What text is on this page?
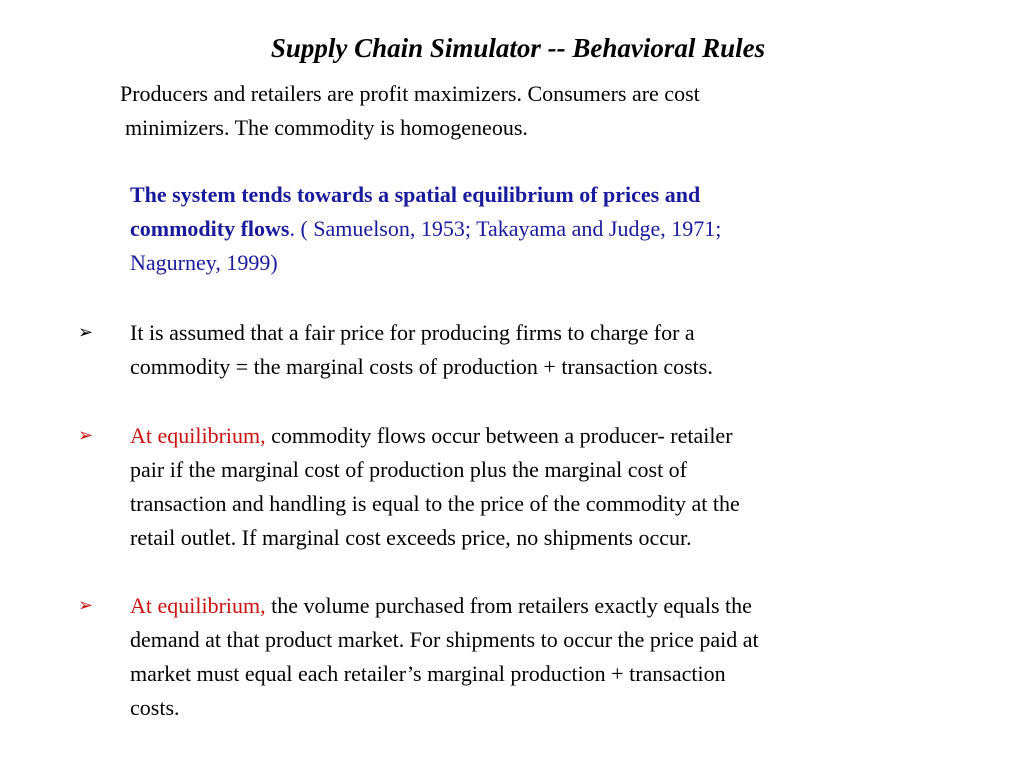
Supply Chain Simulator -- Behavioral Rules
Producers and retailers are profit maximizers. Consumers are cost
minimizers. The commodity is homogeneous.
The system tends towards a spatial equilibrium of prices and
commodity flows. ( Samuelson, 1953; Takayama and Judge, 1971;
Nagurney, 1999)
➢	It is assumed that a fair price for producing firms to charge for a
commodity = the marginal costs of production + transaction costs.
➢	At equilibrium, commodity flows occur between a producer- retailer
pair if the marginal cost of production plus the marginal cost of
transaction and handling is equal to the price of the commodity at the
retail outlet. If marginal cost exceeds price, no shipments occur.
➢	At equilibrium, the volume purchased from retailers exactly equals the
demand at that product market. For shipments to occur the price paid at
market must equal each retailer’s marginal production + transaction
costs.
